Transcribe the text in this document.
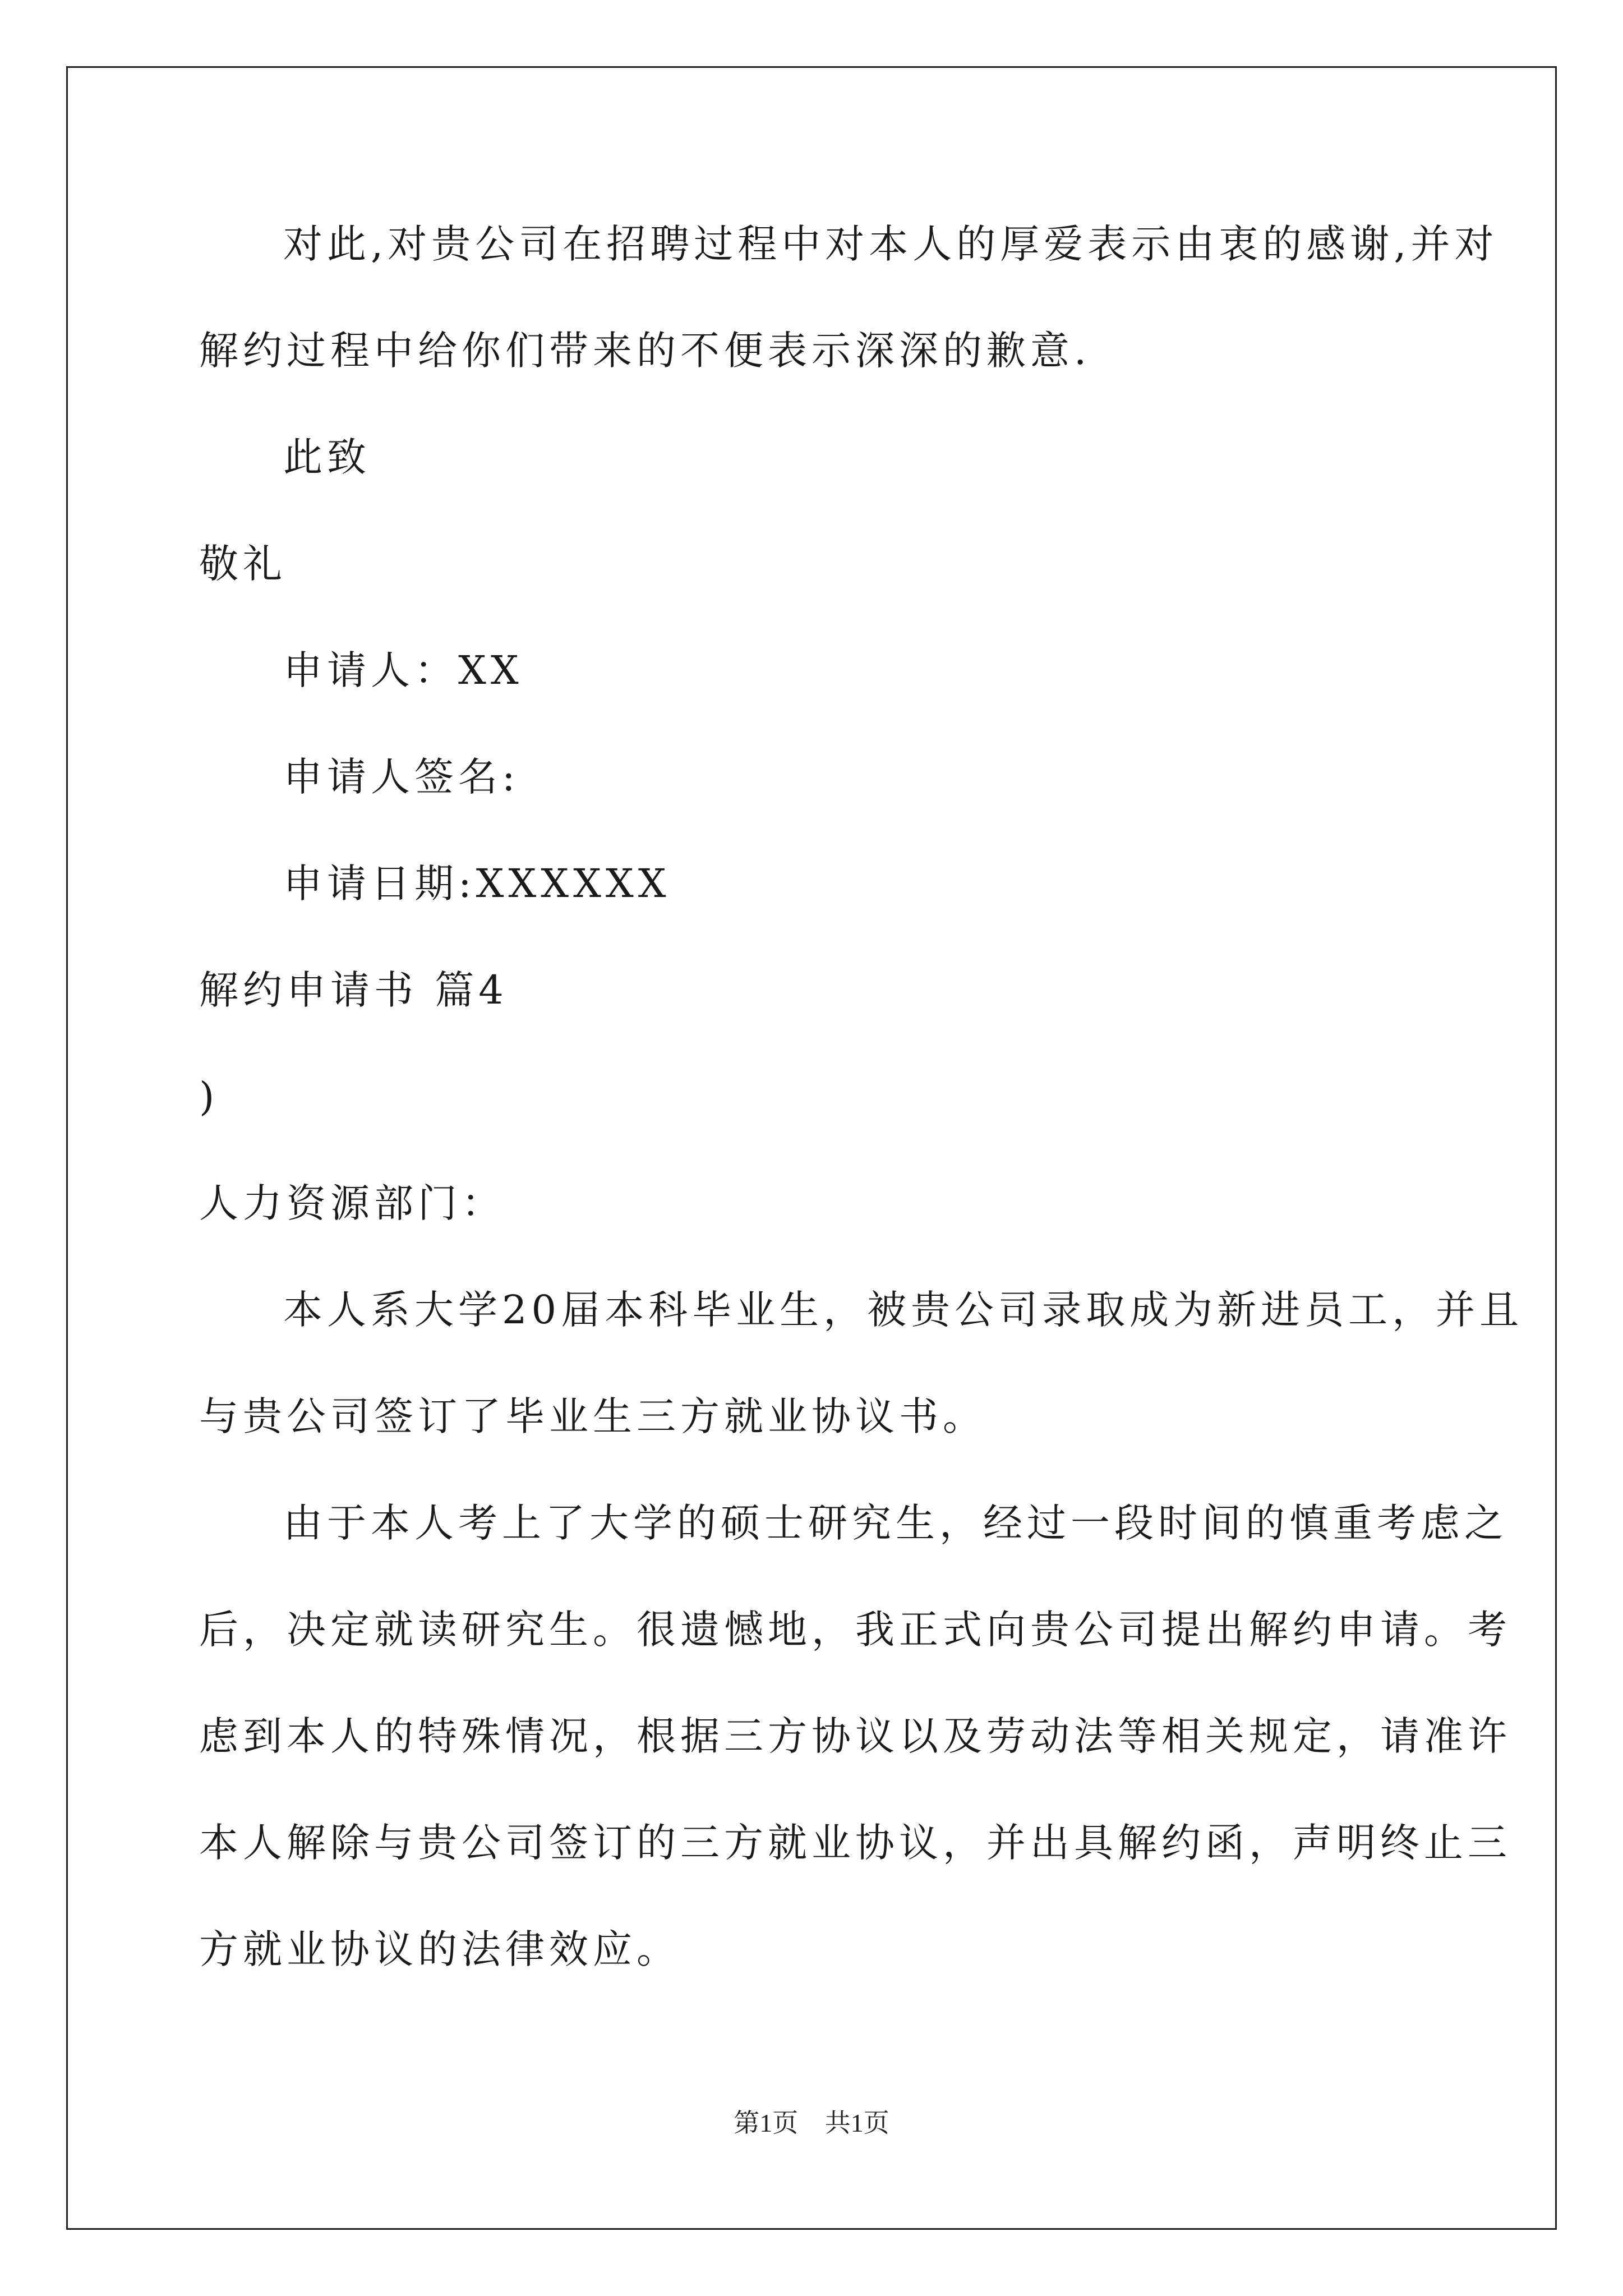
对此,对贵公司在招聘过程中对本人的厚爱表示由衷的感谢,并对
解约过程中给你们带来的不便表示深深的歉意.
此致
敬礼
申请人：XX
申请人签名:
申请日期:XXXXXX
解约申请书 篇4
)
人力资源部门：
本人系大学20届本科毕业生，被贵公司录取成为新进员工，并且
与贵公司签订了毕业生三方就业协议书。
由于本人考上了大学的硕士研究生，经过一段时间的慎重考虑之
后，决定就读研究生。很遗憾地，我正式向贵公司提出解约申请。考
虑到本人的特殊情况，根据三方协议以及劳动法等相关规定，请准许
本人解除与贵公司签订的三方就业协议，并出具解约函，声明终止三
方就业协议的法律效应。
第1页 共1页
